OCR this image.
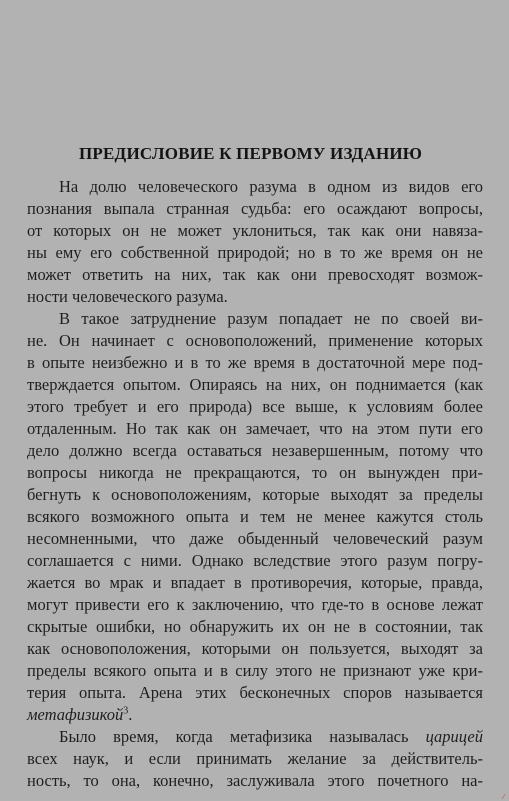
ПРЕДИСЛОВИЕ К ПЕРВОМУ ИЗДАНИЮ
На долю человеческого разума в одном из видов его
познания выпала странная судьба: его осаждают вопросы,
от которых он не может уклониться, так как они навяза-
ны ему его собственной природой; но в то же время он не
может ответить на них, так как они превосходят возмож-
ности человеческого разума.
В такое затруднение разум попадает не по своей ви-
не. Он начинает с основоположений, применение которых
в опыте неизбежно и в то же время в достаточной мере под-
тверждается опытом. Опираясь на них, он поднимается (как
этого требует и его природа) все выше, к условиям более
отдаленным. Но так как он замечает, что на этом пути его
дело должно всегда оставаться незавершенным, потому что
вопросы никогда не прекращаются, то он вынужден при-
бегнуть к основоположениям, которые выходят за пределы
всякого возможного опыта и тем не менее кажутся столь
несомненными, что даже обыденный человеческий разум
соглашается с ними. Однако вследствие этого разум погру-
жается во мрак и впадает в противоречия, которые, правда,
могут привести его к заключению, что где-то в основе лежат
скрытые ошибки, но обнаружить их он не в состоянии, так
как основоположения, которыми он пользуется, выходят за
пределы всякого опыта и в силу этого не признают уже кри-
терия опыта. Арена этих бесконечных споров называется
метафизикой$^3$.
Было время, когда метафизика называлась царицей
всех наук, и если принимать желание за действитель-
ность, то она, конечно, заслуживала этого почетного на-
⁄
